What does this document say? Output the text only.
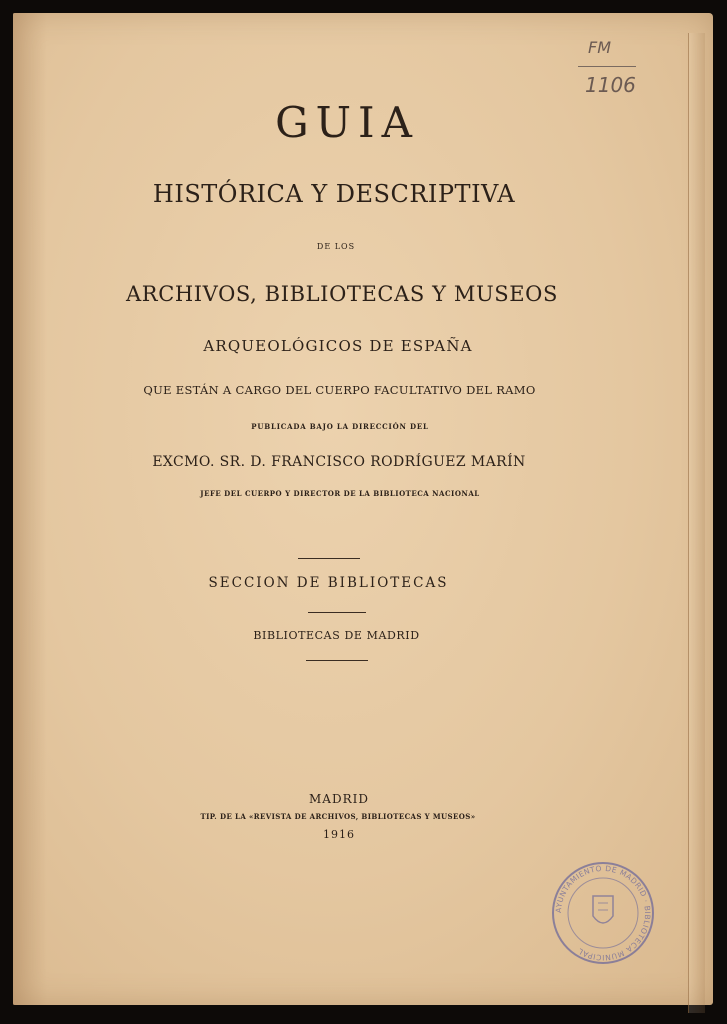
FM
1106
GUIA
HISTÓRICA Y DESCRIPTIVA
DE LOS
ARCHIVOS, BIBLIOTECAS Y MUSEOS
ARQUEOLÓGICOS DE ESPAÑA
QUE ESTÁN A CARGO DEL CUERPO FACULTATIVO DEL RAMO
PUBLICADA BAJO LA DIRECCIÓN DEL
EXCMO. SR. D. FRANCISCO RODRÍGUEZ MARÍN
JEFE DEL CUERPO Y DIRECTOR DE LA BIBLIOTECA NACIONAL
SECCION DE BIBLIOTECAS
BIBLIOTECAS DE MADRID
MADRID
TIP. DE LA «REVISTA DE ARCHIVOS, BIBLIOTECAS Y MUSEOS»
1916
AYUNTAMIENTO DE MADRID · BIBLIOTECA MUNICIPAL
